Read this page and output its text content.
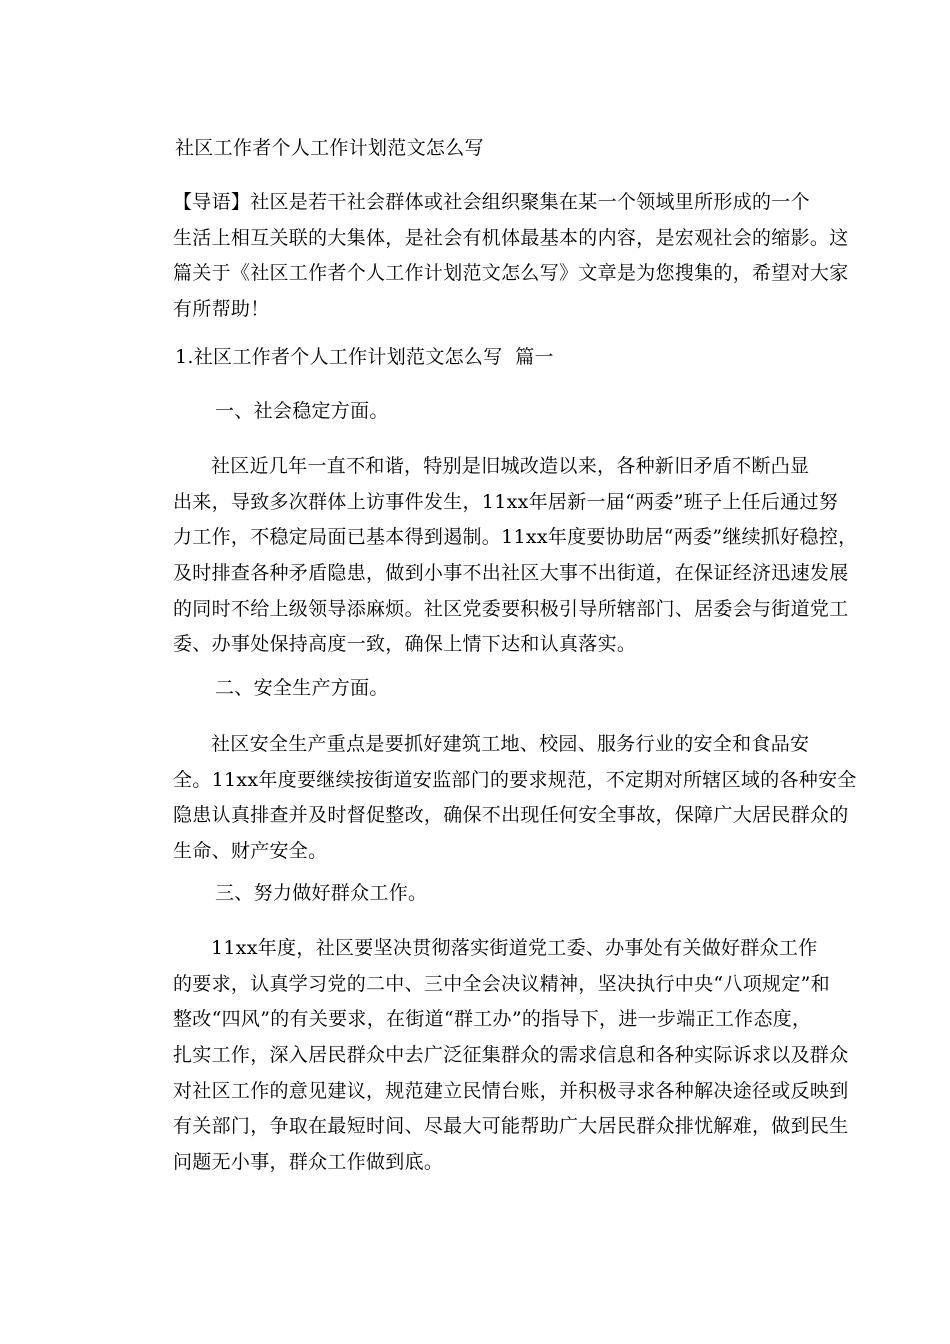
社区工作者个人工作计划范文怎么写
【导语】社区是若干社会群体或社会组织聚集在某一个领域里所形成的一个
生活上相互关联的大集体，是社会有机体最基本的内容，是宏观社会的缩影。这
篇关于《社区工作者个人工作计划范文怎么写》文章是为您搜集的，希望对大家
有所帮助！
1.社区工作者个人工作计划范文怎么写  篇一
一、社会稳定方面。
社区近几年一直不和谐，特别是旧城改造以来，各种新旧矛盾不断凸显
出来，导致多次群体上访事件发生，11xx年居新一届“两委”班子上任后通过努
力工作，不稳定局面已基本得到遏制。11xx年度要协助居“两委”继续抓好稳控，
及时排查各种矛盾隐患，做到小事不出社区大事不出街道，在保证经济迅速发展
的同时不给上级领导添麻烦。社区党委要积极引导所辖部门、居委会与街道党工
委、办事处保持高度一致，确保上情下达和认真落实。
二、安全生产方面。
社区安全生产重点是要抓好建筑工地、校园、服务行业的安全和食品安
全。11xx年度要继续按街道安监部门的要求规范，不定期对所辖区域的各种安全
隐患认真排查并及时督促整改，确保不出现任何安全事故，保障广大居民群众的
生命、财产安全。
三、努力做好群众工作。
11xx年度，社区要坚决贯彻落实街道党工委、办事处有关做好群众工作
的要求，认真学习党的二中、三中全会决议精神，坚决执行中央“八项规定”和
整改“四风”的有关要求，在街道“群工办”的指导下，进一步端正工作态度，
扎实工作，深入居民群众中去广泛征集群众的需求信息和各种实际诉求以及群众
对社区工作的意见建议，规范建立民情台账，并积极寻求各种解决途径或反映到
有关部门，争取在最短时间、尽最大可能帮助广大居民群众排忧解难，做到民生
问题无小事，群众工作做到底。
